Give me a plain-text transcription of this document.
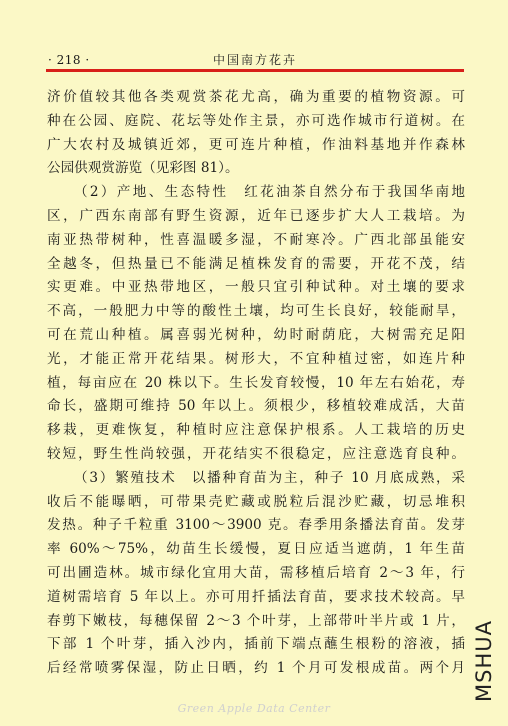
· 218 ·	中国南方花卉
济价值较其他各类观赏茶花尤高，确为重要的植物资源。可
种在公园、庭院、花坛等处作主景，亦可选作城市行道树。在
广大农村及城镇近郊，更可连片种植，作油料基地并作森林
公园供观赏游览（见彩图 81）。
（2）产地、生态特性　红花油茶自然分布于我国华南地
区，广西东南部有野生资源，近年已逐步扩大人工栽培。为
南亚热带树种，性喜温暖多湿，不耐寒冷。广西北部虽能安
全越冬，但热量已不能满足植株发育的需要，开花不茂，结
实更难。中亚热带地区，一般只宜引种试种。对土壤的要求
不高，一般肥力中等的酸性土壤，均可生长良好，较能耐旱，
可在荒山种植。属喜弱光树种，幼时耐荫庇，大树需充足阳
光，才能正常开花结果。树形大，不宜种植过密，如连片种
植，每亩应在 20 株以下。生长发育较慢，10 年左右始花，寿
命长，盛期可维持 50 年以上。须根少，移植较难成活，大苗
移栽，更难恢复，种植时应注意保护根系。人工栽培的历史
较短，野生性尚较强，开花结实不很稳定，应注意选育良种。
（3）繁殖技术　以播种育苗为主，种子 10 月底成熟，采
收后不能曝晒，可带果壳贮藏或脱粒后混沙贮藏，切忌堆积
发热。种子千粒重 3100～3900 克。春季用条播法育苗。发芽
率 60%～75%，幼苗生长缓慢，夏日应适当遮荫，1 年生苗
可出圃造林。城市绿化宜用大苗，需移植后培育 2～3 年，行
道树需培育 5 年以上。亦可用扦插法育苗，要求技术较高。早
春剪下嫩枝，每穗保留 2～3 个叶芽，上部带叶半片或 1 片，
下部 1 个叶芽，插入沙内，插前下端点蘸生根粉的溶液，插
后经常喷雾保湿，防止日晒，约 1 个月可发根成苗。两个月
Green Apple Data Center
MSHUA
